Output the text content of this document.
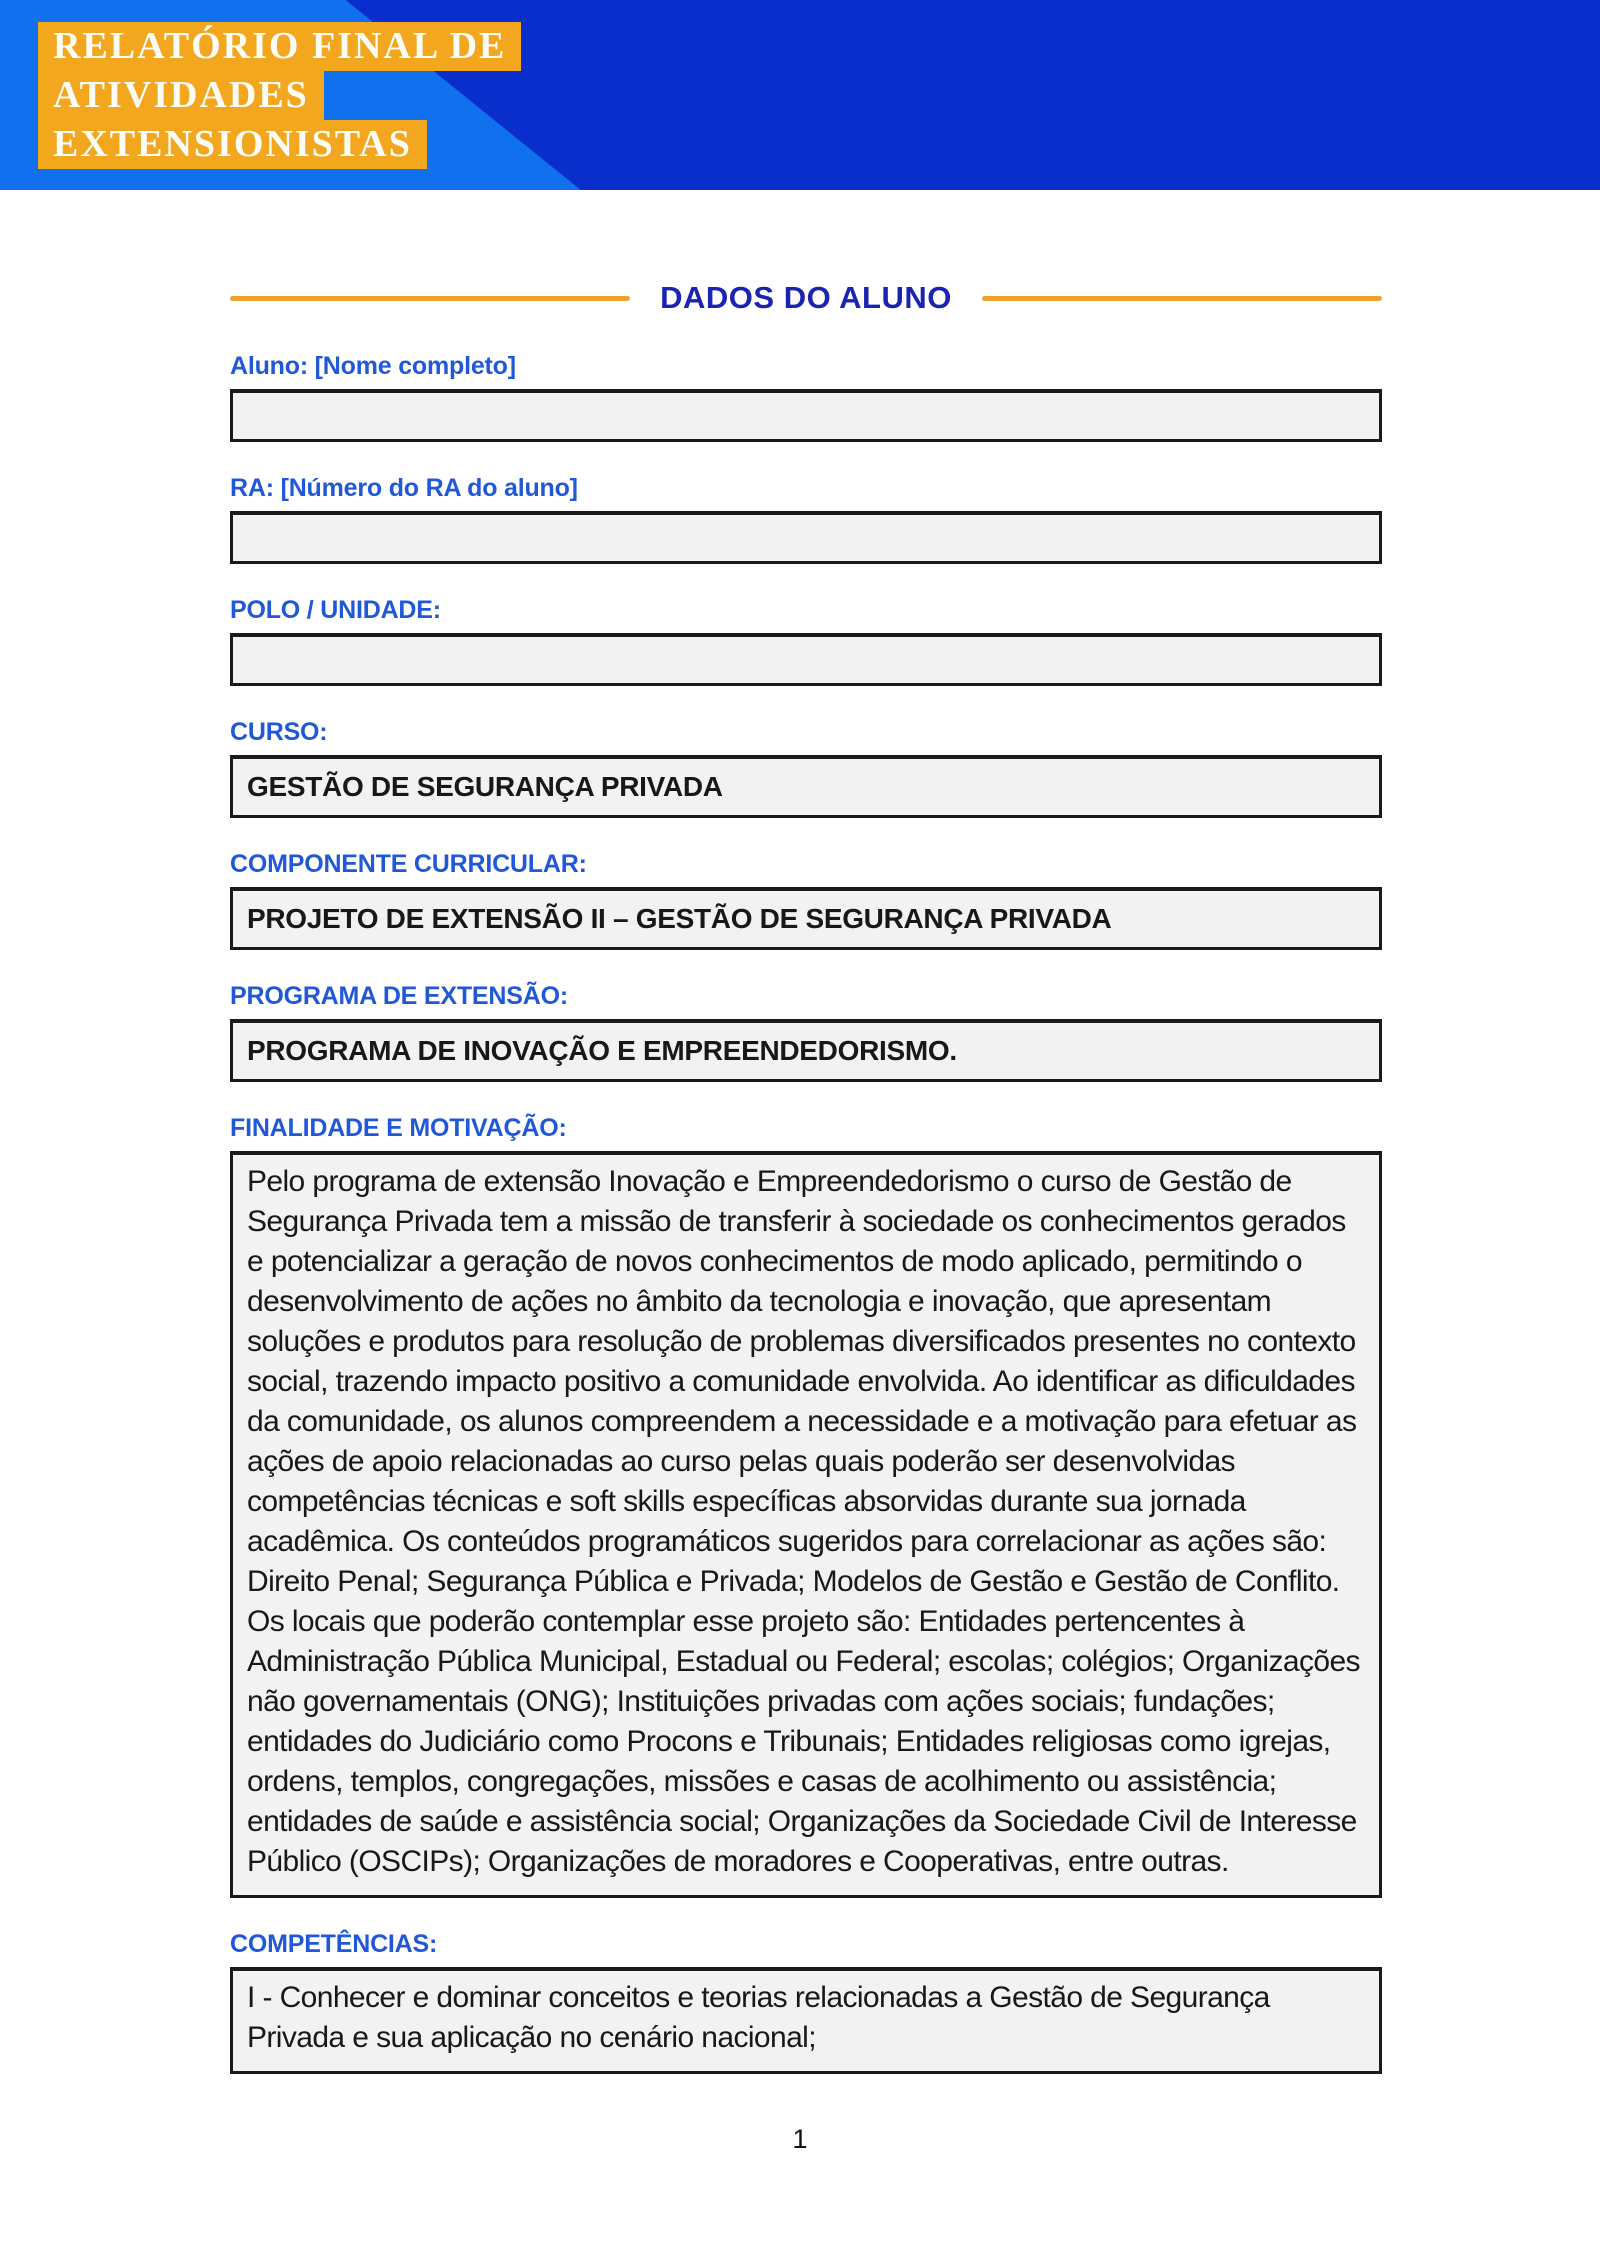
RELATÓRIO FINAL DE
ATIVIDADES
EXTENSIONISTAS
DADOS DO ALUNO
Aluno: [Nome completo]
RA: [Número do RA do aluno]
POLO / UNIDADE:
CURSO:
GESTÃO DE SEGURANÇA PRIVADA
COMPONENTE CURRICULAR:
PROJETO DE EXTENSÃO II – GESTÃO DE SEGURANÇA PRIVADA
PROGRAMA DE EXTENSÃO:
PROGRAMA DE INOVAÇÃO E EMPREENDEDORISMO.
FINALIDADE E MOTIVAÇÃO:

Pelo programa de extensão Inovação e Empreendedorismo o curso de Gestão de Segurança Privada tem a missão de transferir à sociedade os conhecimentos gerados e potencializar a geração de novos conhecimentos de modo aplicado, permitindo o desenvolvimento de ações no âmbito da tecnologia e inovação, que apresentam soluções e produtos para resolução de problemas diversificados presentes no contexto social, trazendo impacto positivo a comunidade envolvida. Ao identificar as dificuldades da comunidade, os alunos compreendem a necessidade e a motivação para efetuar as ações de apoio relacionadas ao curso pelas quais poderão ser desenvolvidas competências técnicas e soft skills específicas absorvidas durante sua jornada acadêmica. Os conteúdos programáticos sugeridos para correlacionar as ações são:

Direito Penal; Segurança Pública e Privada; Modelos de Gestão e Gestão de Conflito.

Os locais que poderão contemplar esse projeto são: Entidades pertencentes à Administração Pública Municipal, Estadual ou Federal; escolas; colégios; Organizações não governamentais (ONG); Instituições privadas com ações sociais; fundações; entidades do Judiciário como Procons e Tribunais; Entidades religiosas como igrejas, ordens, templos, congregações, missões e casas de acolhimento ou assistência; entidades de saúde e assistência social; Organizações da Sociedade Civil de Interesse Público (OSCIPs); Organizações de moradores e Cooperativas, entre outras.

COMPETÊNCIAS:

I - Conhecer e dominar conceitos e teorias relacionadas a Gestão de Segurança Privada e sua aplicação no cenário nacional;

1
